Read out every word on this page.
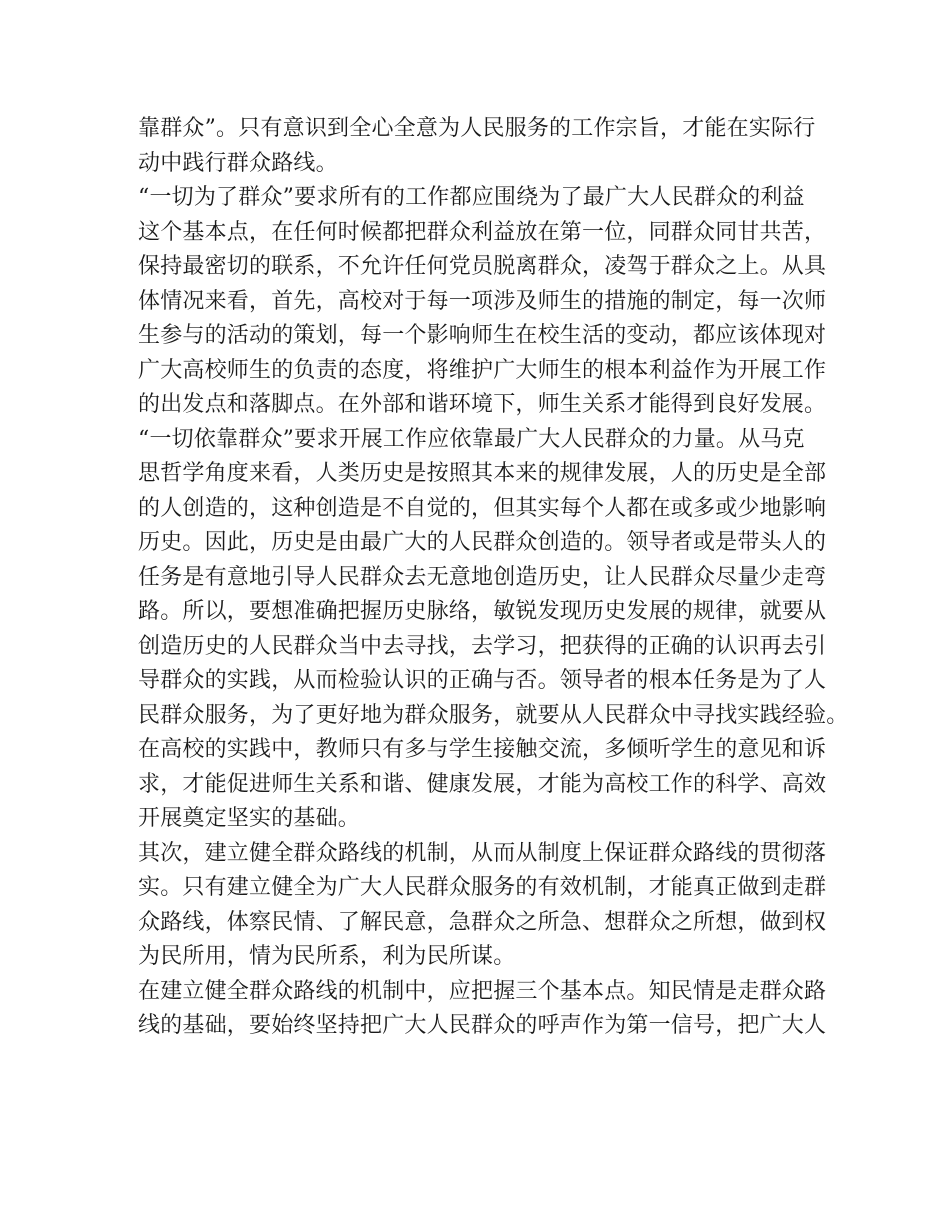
靠群众”。只有意识到全心全意为人民服务的工作宗旨，才能在实际行
动中践行群众路线。
“一切为了群众”要求所有的工作都应围绕为了最广大人民群众的利益
这个基本点，在任何时候都把群众利益放在第一位，同群众同甘共苦，
保持最密切的联系，不允许任何党员脱离群众，凌驾于群众之上。从具
体情况来看，首先，高校对于每一项涉及师生的措施的制定，每一次师
生参与的活动的策划，每一个影响师生在校生活的变动，都应该体现对
广大高校师生的负责的态度，将维护广大师生的根本利益作为开展工作
的出发点和落脚点。在外部和谐环境下，师生关系才能得到良好发展。
“一切依靠群众”要求开展工作应依靠最广大人民群众的力量。从马克
思哲学角度来看，人类历史是按照其本来的规律发展，人的历史是全部
的人创造的，这种创造是不自觉的，但其实每个人都在或多或少地影响
历史。因此，历史是由最广大的人民群众创造的。领导者或是带头人的
任务是有意地引导人民群众去无意地创造历史，让人民群众尽量少走弯
路。所以，要想准确把握历史脉络，敏锐发现历史发展的规律，就要从
创造历史的人民群众当中去寻找，去学习，把获得的正确的认识再去引
导群众的实践，从而检验认识的正确与否。领导者的根本任务是为了人
民群众服务，为了更好地为群众服务，就要从人民群众中寻找实践经验。
在高校的实践中，教师只有多与学生接触交流，多倾听学生的意见和诉
求，才能促进师生关系和谐、健康发展，才能为高校工作的科学、高效
开展奠定坚实的基础。
其次，建立健全群众路线的机制，从而从制度上保证群众路线的贯彻落
实。只有建立健全为广大人民群众服务的有效机制，才能真正做到走群
众路线，体察民情、了解民意，急群众之所急、想群众之所想，做到权
为民所用，情为民所系，利为民所谋。
在建立健全群众路线的机制中，应把握三个基本点。知民情是走群众路
线的基础，要始终坚持把广大人民群众的呼声作为第一信号，把广大人
